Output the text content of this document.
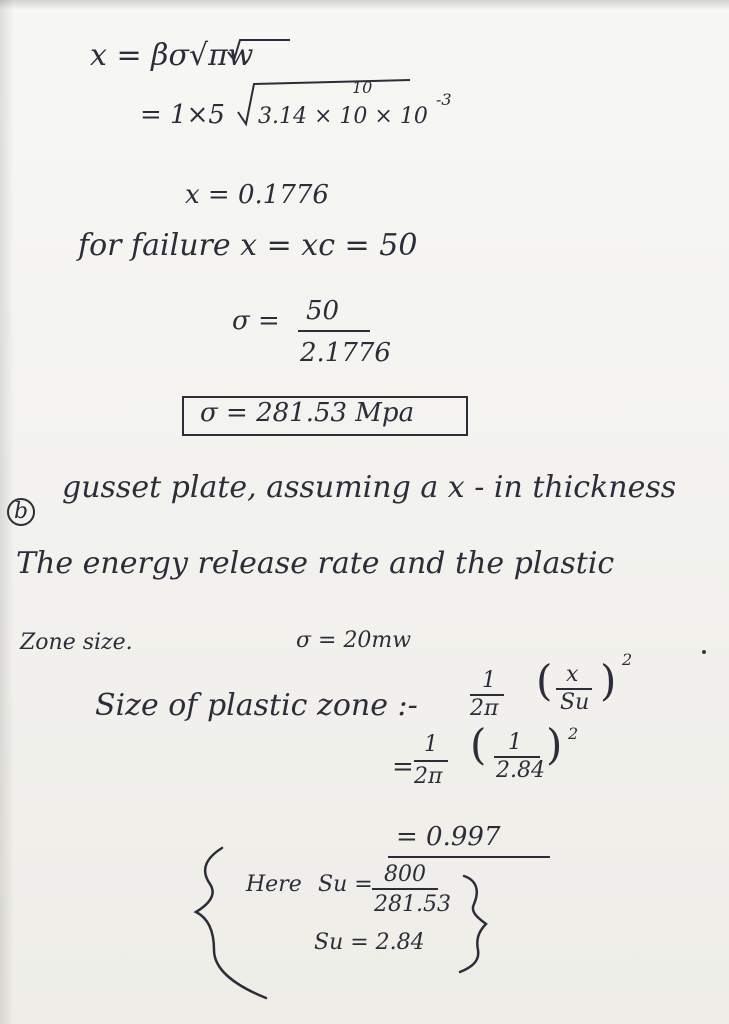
x = βσ√πw
= 1×5 3.14 × 10 × 10
-3
10
x = 0.1776
for failure x = xc = 50
σ = 50
2.1776
σ = 281.53 Mpa
b
gusset plate, assuming a x - in thickness
The energy release rate and the plastic
Zone size.	σ = 20mw
Size of plastic zone :-
1
2π
( x
Su ) 2
=
1
2π
( 1
2.84
) 2
= 0.997
Here Su = 800
281.53
Su = 2.84
